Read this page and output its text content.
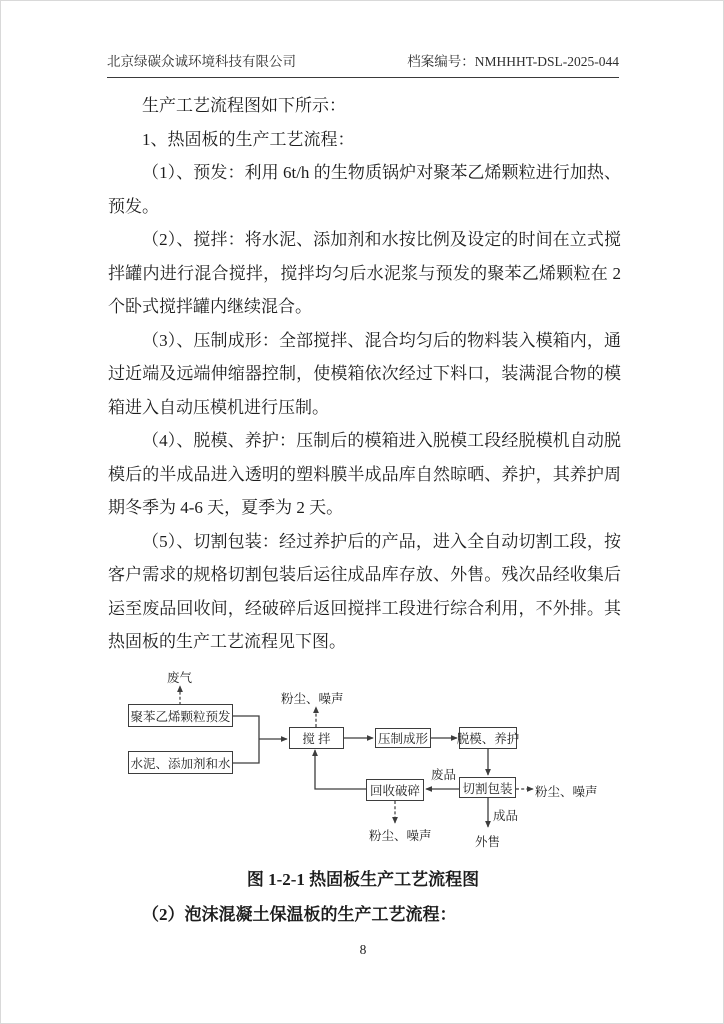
北京绿碳众诚环境科技有限公司	档案编号：NMHHHT-DSL-2025-044

生产工艺流程图如下所示：

1、热固板的生产工艺流程：

（1）、预发：利用 6t/h 的生物质锅炉对聚苯乙烯颗粒进行加热、预发。

（2）、搅拌：将水泥、添加剂和水按比例及设定的时间在立式搅拌罐内进行混合搅拌，搅拌均匀后水泥浆与预发的聚苯乙烯颗粒在 2 个卧式搅拌罐内继续混合。

（3）、压制成形：全部搅拌、混合均匀后的物料装入模箱内，通过近端及远端伸缩器控制，使模箱依次经过下料口，装满混合物的模箱进入自动压模机进行压制。

（4）、脱模、养护：压制后的模箱进入脱模工段经脱模机自动脱模后的半成品进入透明的塑料膜半成品库自然晾晒、养护，其养护周期冬季为 4-6 天，夏季为 2 天。

（5）、切割包装：经过养护后的产品，进入全自动切割工段，按客户需求的规格切割包装后运往成品库存放、外售。残次品经收集后运至废品回收间，经破碎后返回搅拌工段进行综合利用，不外排。其热固板的生产工艺流程见下图。

聚苯乙烯颗粒预发
水泥、添加剂和水
搅 拌	压制成形 脱模、养护
回收破碎	切割包装
废气
粉尘、噪声
废品
粉尘、噪声
粉尘、噪声
成品
外售
图 1-2-1 热固板生产工艺流程图
（2）泡沫混凝土保温板的生产工艺流程：
8
